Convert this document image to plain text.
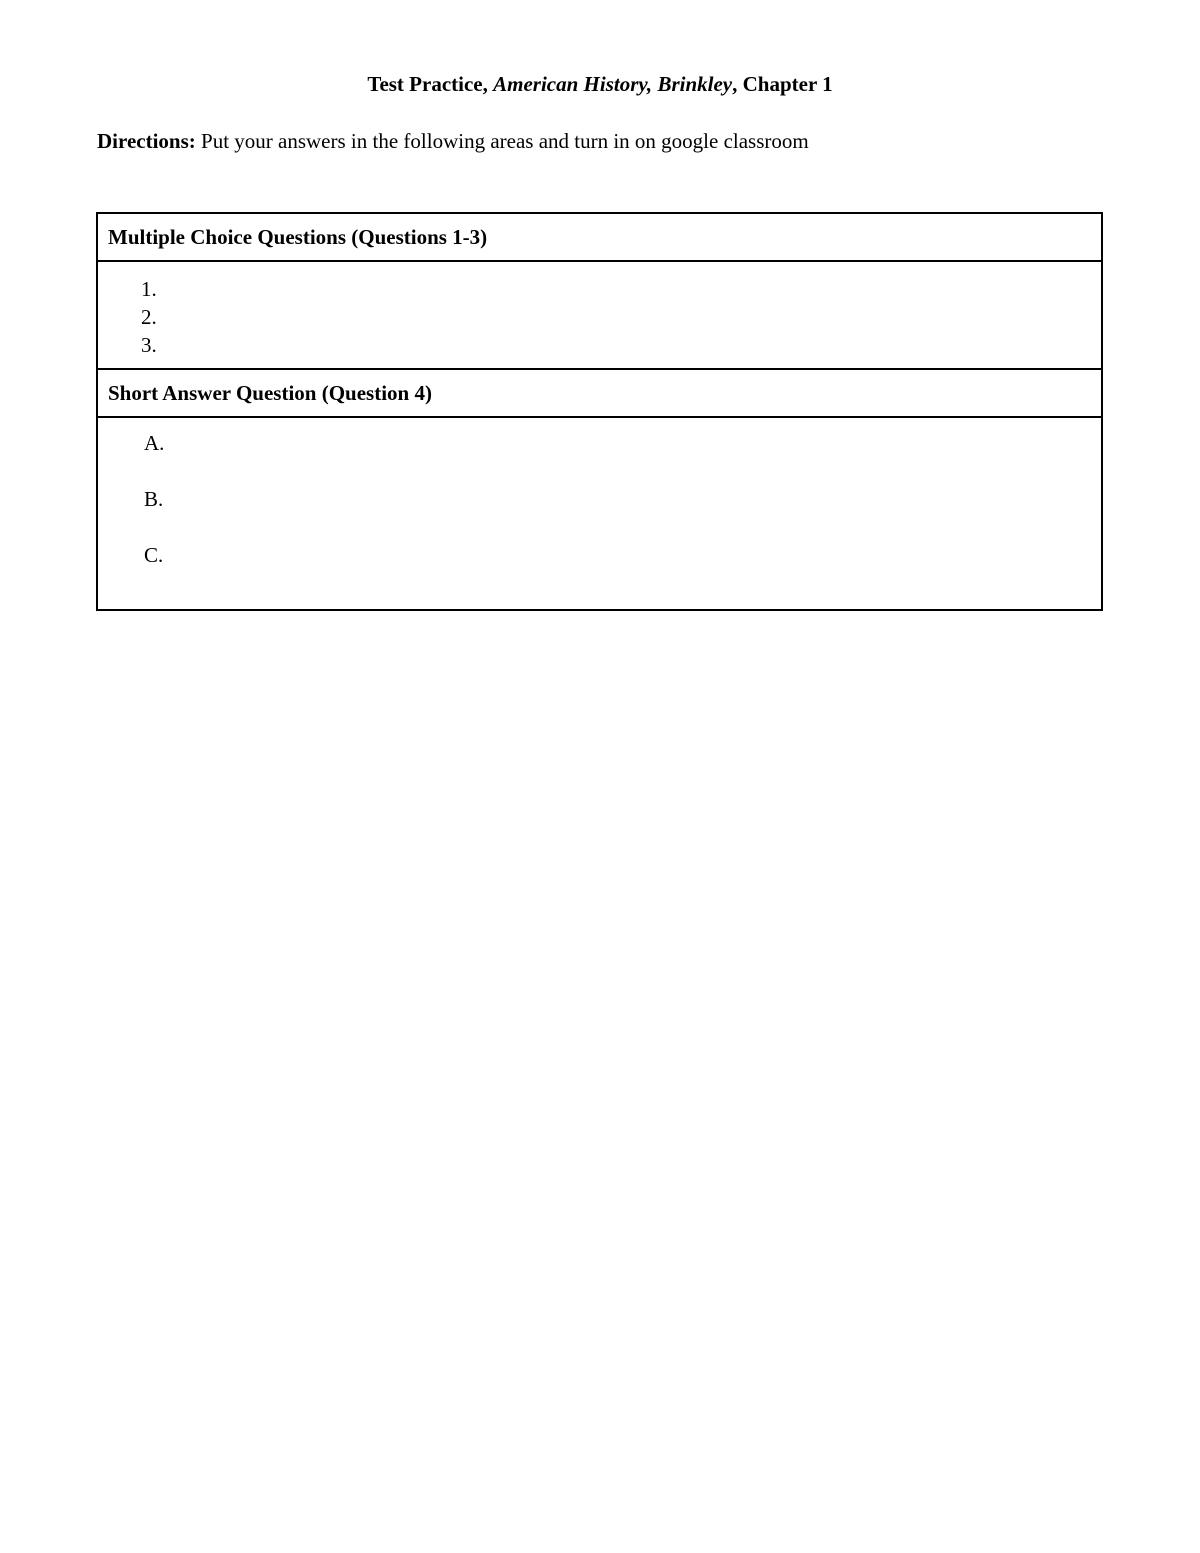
Test Practice, American History, Brinkley, Chapter 1
Directions: Put your answers in the following areas and turn in on google classroom
Multiple Choice Questions (Questions 1-3)
1.
2.
3.
Short Answer Question (Question 4)
A.
B.
C.
